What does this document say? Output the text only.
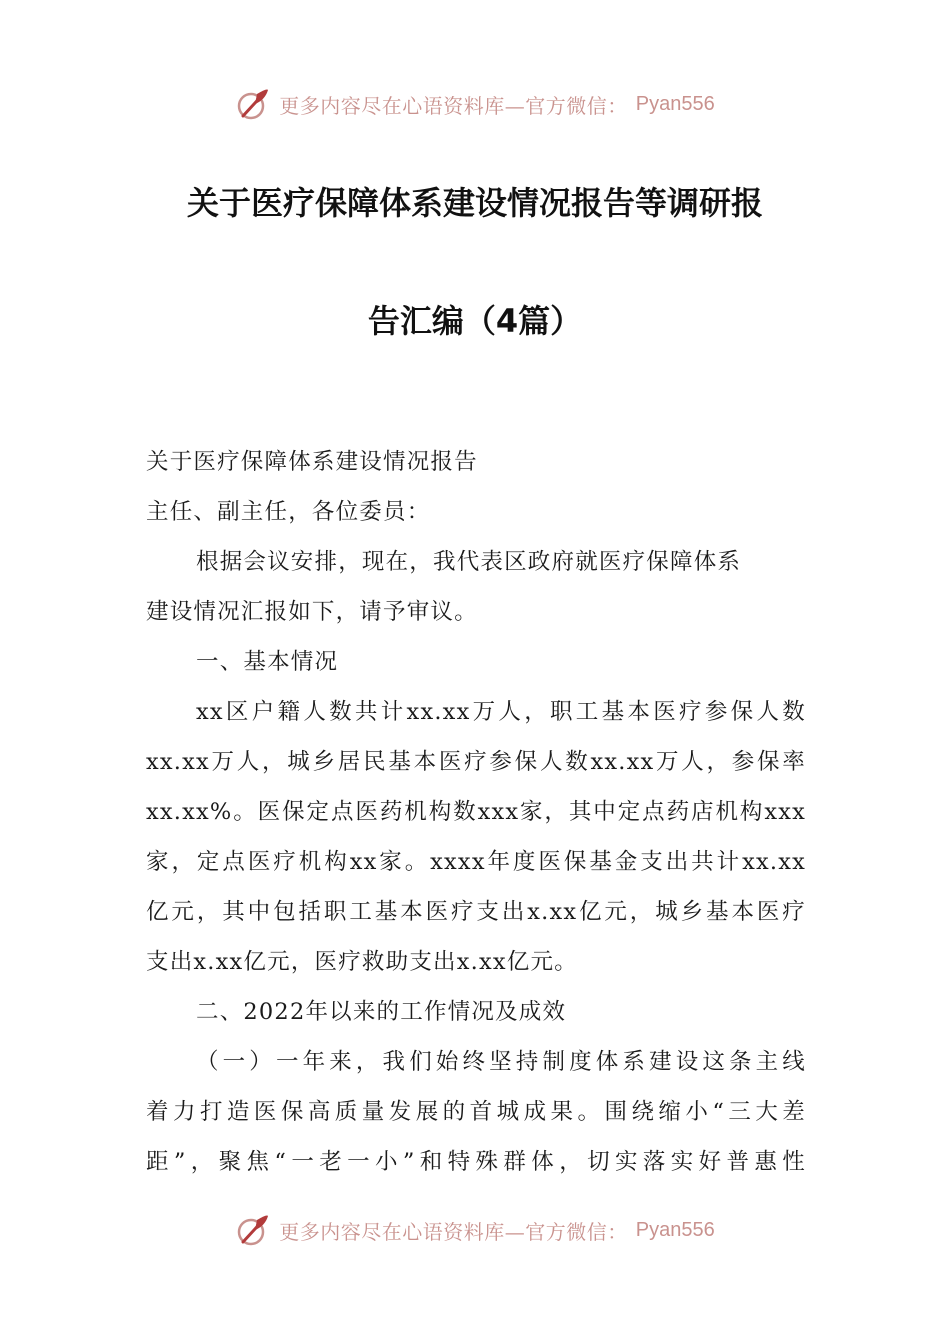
更多内容尽在心语资料库—官方微信： Pyan556
关于医疗保障体系建设情况报告等调研报
告汇编（4篇）
关于医疗保障体系建设情况报告
主任、副主任，各位委员：
根据会议安排，现在，我代表区政府就医疗保障体系
建设情况汇报如下，请予审议。
一、基本情况
xx区户籍人数共计xx.xx万人，职工基本医疗参保人数
xx.xx万人，城乡居民基本医疗参保人数xx.xx万人，参保率
xx.xx%。医保定点医药机构数xxx家，其中定点药店机构xxx
家，定点医疗机构xx家。xxxx年度医保基金支出共计xx.xx
亿元，其中包括职工基本医疗支出x.xx亿元，城乡基本医疗
支出x.xx亿元，医疗救助支出x.xx亿元。
二、2022年以来的工作情况及成效
（一）一年来，我们始终坚持制度体系建设这条主线
着力打造医保高质量发展的首城成果。围绕缩小“三大差
距”，聚焦“一老一小”和特殊群体，切实落实好普惠性
更多内容尽在心语资料库—官方微信： Pyan556
